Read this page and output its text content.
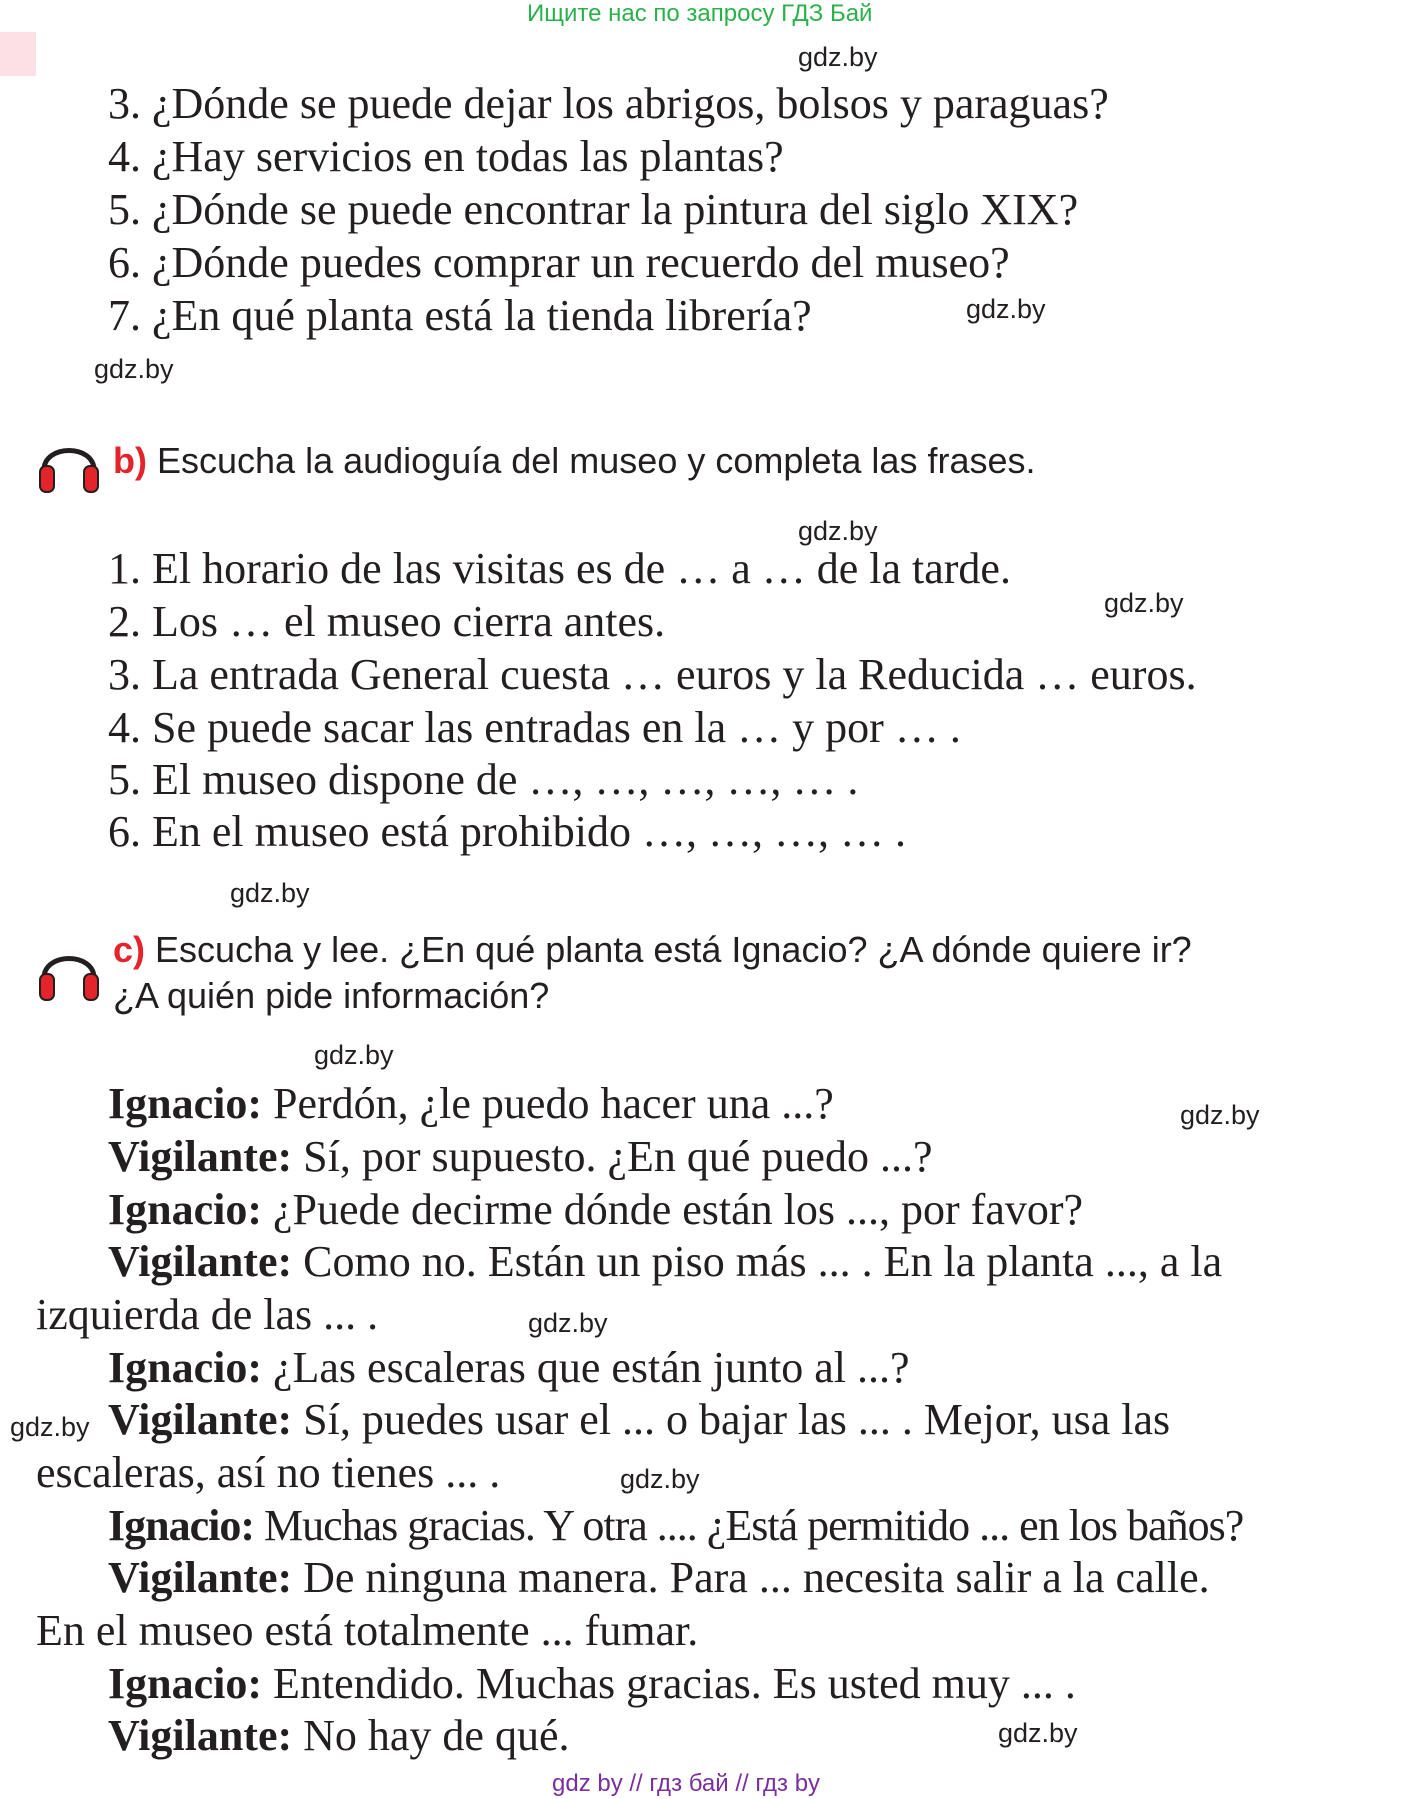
Ищите нас по запросу ГДЗ Бай
3. ¿Dónde se puede dejar los abrigos, bolsos y paraguas?
4. ¿Hay servicios en todas las plantas?
5. ¿Dónde se puede encontrar la pintura del siglo XIX?
6. ¿Dónde puedes comprar un recuerdo del museo?
7. ¿En qué planta está la tienda librería?
b) Escucha la audioguía del museo y completa las frases.
1. El horario de las visitas es de … a … de la tarde.
2. Los … el museo cierra antes.
3. La entrada General cuesta … euros y la Reducida … euros.
4. Se puede sacar las entradas en la … y por … .
5. El museo dispone de …, …, …, …, … .
6. En el museo está prohibido …, …, …, … .
c) Escucha y lee. ¿En qué planta está Ignacio? ¿A dónde quiere ir?
¿A quién pide información?
Ignacio: Perdón, ¿le puedo hacer una ...?
Vigilante: Sí, por supuesto. ¿En qué puedo ...?
Ignacio: ¿Puede decirme dónde están los ..., por favor?
Vigilante: Como no. Están un piso más ... . En la planta ..., a la
izquierda de las ... .
Ignacio: ¿Las escaleras que están junto al ...?
Vigilante: Sí, puedes usar el ... o bajar las ... . Mejor, usa las
escaleras, así no tienes ... .
Ignacio: Muchas gracias. Y otra .... ¿Está permitido ... en los baños?
Vigilante: De ninguna manera. Para ... necesita salir a la calle.
En el museo está totalmente ... fumar.
Ignacio: Entendido. Muchas gracias. Es usted muy ... .
Vigilante: No hay de qué.
gdz.by
gdz.by
gdz.by
gdz.by
gdz.by
gdz.by
gdz.by
gdz.by
gdz.by
gdz.by
gdz.by
gdz.by
gdz by // гдз бай // гдз by
